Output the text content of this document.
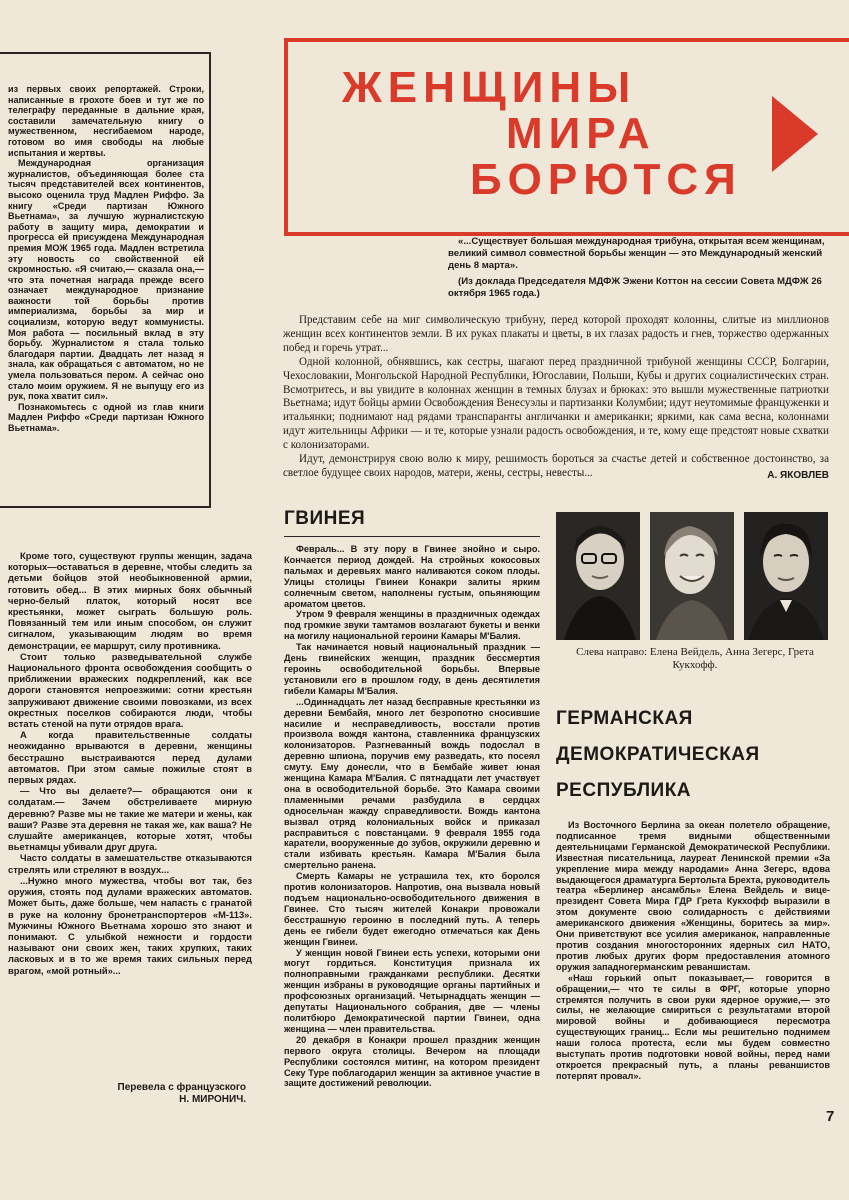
из первых своих репортажей. Строки, написанные в грохоте боев и тут же по телеграфу переданные в дальние края, составили замечательную книгу о мужественном, несгибаемом народе, готовом во имя свободы на любые испытания и жертвы.

Международная организация журналистов, объединяющая более ста тысяч представителей всех континентов, высоко оценила труд Мадлен Риффо. За книгу «Среди партизан Южного Вьетнама», за лучшую журналистскую работу в защиту мира, демократии и прогресса ей присуждена Международная премия МОЖ 1965 года. Мадлен встретила эту новость со свойственной ей скромностью. «Я считаю,— сказала она,— что эта почетная награда прежде всего означает международное признание важности той борьбы против империализма, борьбы за мир и социализм, которую ведут коммунисты. Моя работа — посильный вклад в эту борьбу. Журналистом я стала только благодаря партии. Двадцать лет назад я знала, как обращаться с автоматом, но не умела пользоваться пером. А сейчас оно стало моим оружием. Я не выпущу его из рук, пока хватит сил».

Познакомьтесь с одной из глав книги Мадлен Риффо «Среди партизан Южного Вьетнама».

А. ЯКОВЛЕВ
ЖЕНЩИНЫ
МИРА
БОРЮТСЯ

«...Существует большая международная трибуна, открытая всем женщинам, великий символ совместной борьбы женщин — это Международный женский день 8 марта».

(Из доклада Председателя МДФЖ Эжени Коттон на сессии Совета МДФЖ 26 октября 1965 года.)

Представим себе на миг символическую трибуну, перед которой проходят колонны, слитые из миллионов женщин всех континентов земли. В их руках плакаты и цветы, в их глазах радость и гнев, торжество одержанных побед и горечь утрат...

Одной колонной, обнявшись, как сестры, шагают перед праздничной трибуной женщины СССР, Болгарии, Чехословакии, Монгольской Народной Республики, Югославии, Польши, Кубы и других социалистических стран. Всмотритесь, и вы увидите в колоннах женщин в темных блузах и брюках: это вышли мужественные патриотки Вьетнама; идут бойцы армии Освобождения Венесуэлы и партизанки Колумбии; идут неутомимые француженки и итальянки; поднимают над рядами транспаранты англичанки и американки; яркими, как сама весна, колоннами идут жительницы Африки — и те, которые узнали радость освобождения, и те, кому еще предстоят новые схватки с колонизаторами.

Идут, демонстрируя свою волю к миру, решимость бороться за счастье детей и собственное достоинство, за светлое будущее своих народов, матери, жены, сестры, невесты...

Кроме того, существуют группы женщин, задача которых—оставаться в деревне, чтобы следить за детьми бойцов этой необыкновенной армии, готовить обед... В этих мирных боях обычный черно-белый платок, который носят все крестьянки, может сыграть большую роль. Повязанный тем или иным способом, он служит сигналом, указывающим людям во время демонстрации, ее маршрут, силу противника.

Стоит только разведывательной службе Национального фронта освобождения сообщить о приближении вражеских подкреплений, как все дороги становятся непроезжими: сотни крестьян запруживают движение своими повозками, из всех окрестных поселков собираются люди, чтобы встать стеной на пути отрядов врага.

А когда правительственные солдаты неожиданно врываются в деревни, женщины бесстрашно выстраиваются перед дулами автоматов. При этом самые пожилые стоят в первых рядах.

— Что вы делаете?— обращаются они к солдатам.— Зачем обстреливаете мирную деревню? Разве мы не такие же матери и жены, как ваши? Разве эта деревня не такая же, как ваша? Не слушайте американцев, которые хотят, чтобы вьетнамцы убивали друг друга.

Часто солдаты в замешательстве отказываются стрелять или стреляют в воздух...

...Нужно много мужества, чтобы вот так, без оружия, стоять под дулами вражеских автоматов. Может быть, даже больше, чем напасть с гранатой в руке на колонну бронетранспортеров «М-113». Мужчины Южного Вьетнама хорошо это знают и понимают. С улыбкой нежности и гордости называют они своих жен, таких хрупких, таких ласковых и в то же время таких сильных перед врагом, «мой ротный»...

Перевела с французского
Н. МИРОНИЧ.
ГВИНЕЯ

Февраль... В эту пору в Гвинее знойно и сыро. Кончается период дождей. На стройных кокосовых пальмах и деревьях манго наливаются соком плоды. Улицы столицы Гвинеи Конакри залиты ярким солнечным светом, наполнены густым, опьяняющим ароматом цветов.

Утром 9 февраля женщины в праздничных одеждах под громкие звуки тамтамов возлагают букеты и венки на могилу национальной героини Камары М'Балия.

Так начинается новый национальный праздник — День гвинейских женщин, праздник бессмертия героинь освободительной борьбы. Впервые установили его в прошлом году, в день десятилетия гибели Камары М'Балия.

...Одиннадцать лет назад бесправные крестьянки из деревни Бембайя, много лет безропотно сносившие насилие и несправедливость, восстали против произвола вождя кантона, ставленника французских колонизаторов. Разгневанный вождь подослал в деревню шпиона, поручив ему разведать, кто посеял смуту. Ему донесли, что в Бембайе живет юная женщина Камара М'Балия. С пятнадцати лет участвует она в освободительной борьбе. Это Камара своими пламенными речами разбудила в сердцах односельчан жажду справедливости. Вождь кантона вызвал отряд колониальных войск и приказал расправиться с повстанцами. 9 февраля 1955 года каратели, вооруженные до зубов, окружили деревню и стали избивать крестьян. Камара М'Балия была смертельно ранена.

Смерть Камары не устрашила тех, кто боролся против колонизаторов. Напротив, она вызвала новый подъем национально-освободительного движения в Гвинее. Сто тысяч жителей Конакри провожали бесстрашную героиню в последний путь. А теперь день ее гибели будет ежегодно отмечаться как День женщин Гвинеи.

У женщин новой Гвинеи есть успехи, которыми они могут гордиться. Конституция признала их полноправными гражданками республики. Десятки женщин избраны в руководящие органы партийных и профсоюзных организаций. Четырнадцать женщин — депутаты Национального собрания, две — члены политбюро Демократической партии Гвинеи, одна женщина — член правительства.

20 декабря в Конакри прошел праздник женщин первого округа столицы. Вечером на площади Республики состоялся митинг, на котором президент Секу Туре поблагодарил женщин за активное участие в защите достижений революции.

Слева направо: Елена Вейдель, Анна Зегерс, Грета Кукхофф.
ГЕРМАНСКАЯ
ДЕМОКРАТИЧЕСКАЯ
РЕСПУБЛИКА

Из Восточного Берлина за океан полетело обращение, подписанное тремя видными общественными деятельницами Германской Демократической Республики. Известная писательница, лауреат Ленинской премии «За укрепление мира между народами» Анна Зегерс, вдова выдающегося драматурга Бертольта Брехта, руководитель театра «Берлинер ансамбль» Елена Вейдель и вице-президент Совета Мира ГДР Грета Кукхофф выразили в этом документе свою солидарность с действиями американского движения «Женщины, боритесь за мир». Они приветствуют все усилия американок, направленные против создания многосторонних ядерных сил НАТО, против любых других форм предоставления атомного оружия западногерманским реваншистам.

«Наш горький опыт показывает,— говорится в обращении,— что те силы в ФРГ, которые упорно стремятся получить в свои руки ядерное оружие,— это силы, не желающие смириться с результатами второй мировой войны и добивающиеся пересмотра существующих границ... Если мы решительно поднимем наши голоса протеста, если мы будем совместно выступать против подготовки новой войны, перед нами откроется прекрасный путь, а планы реваншистов потерпят провал».

7
